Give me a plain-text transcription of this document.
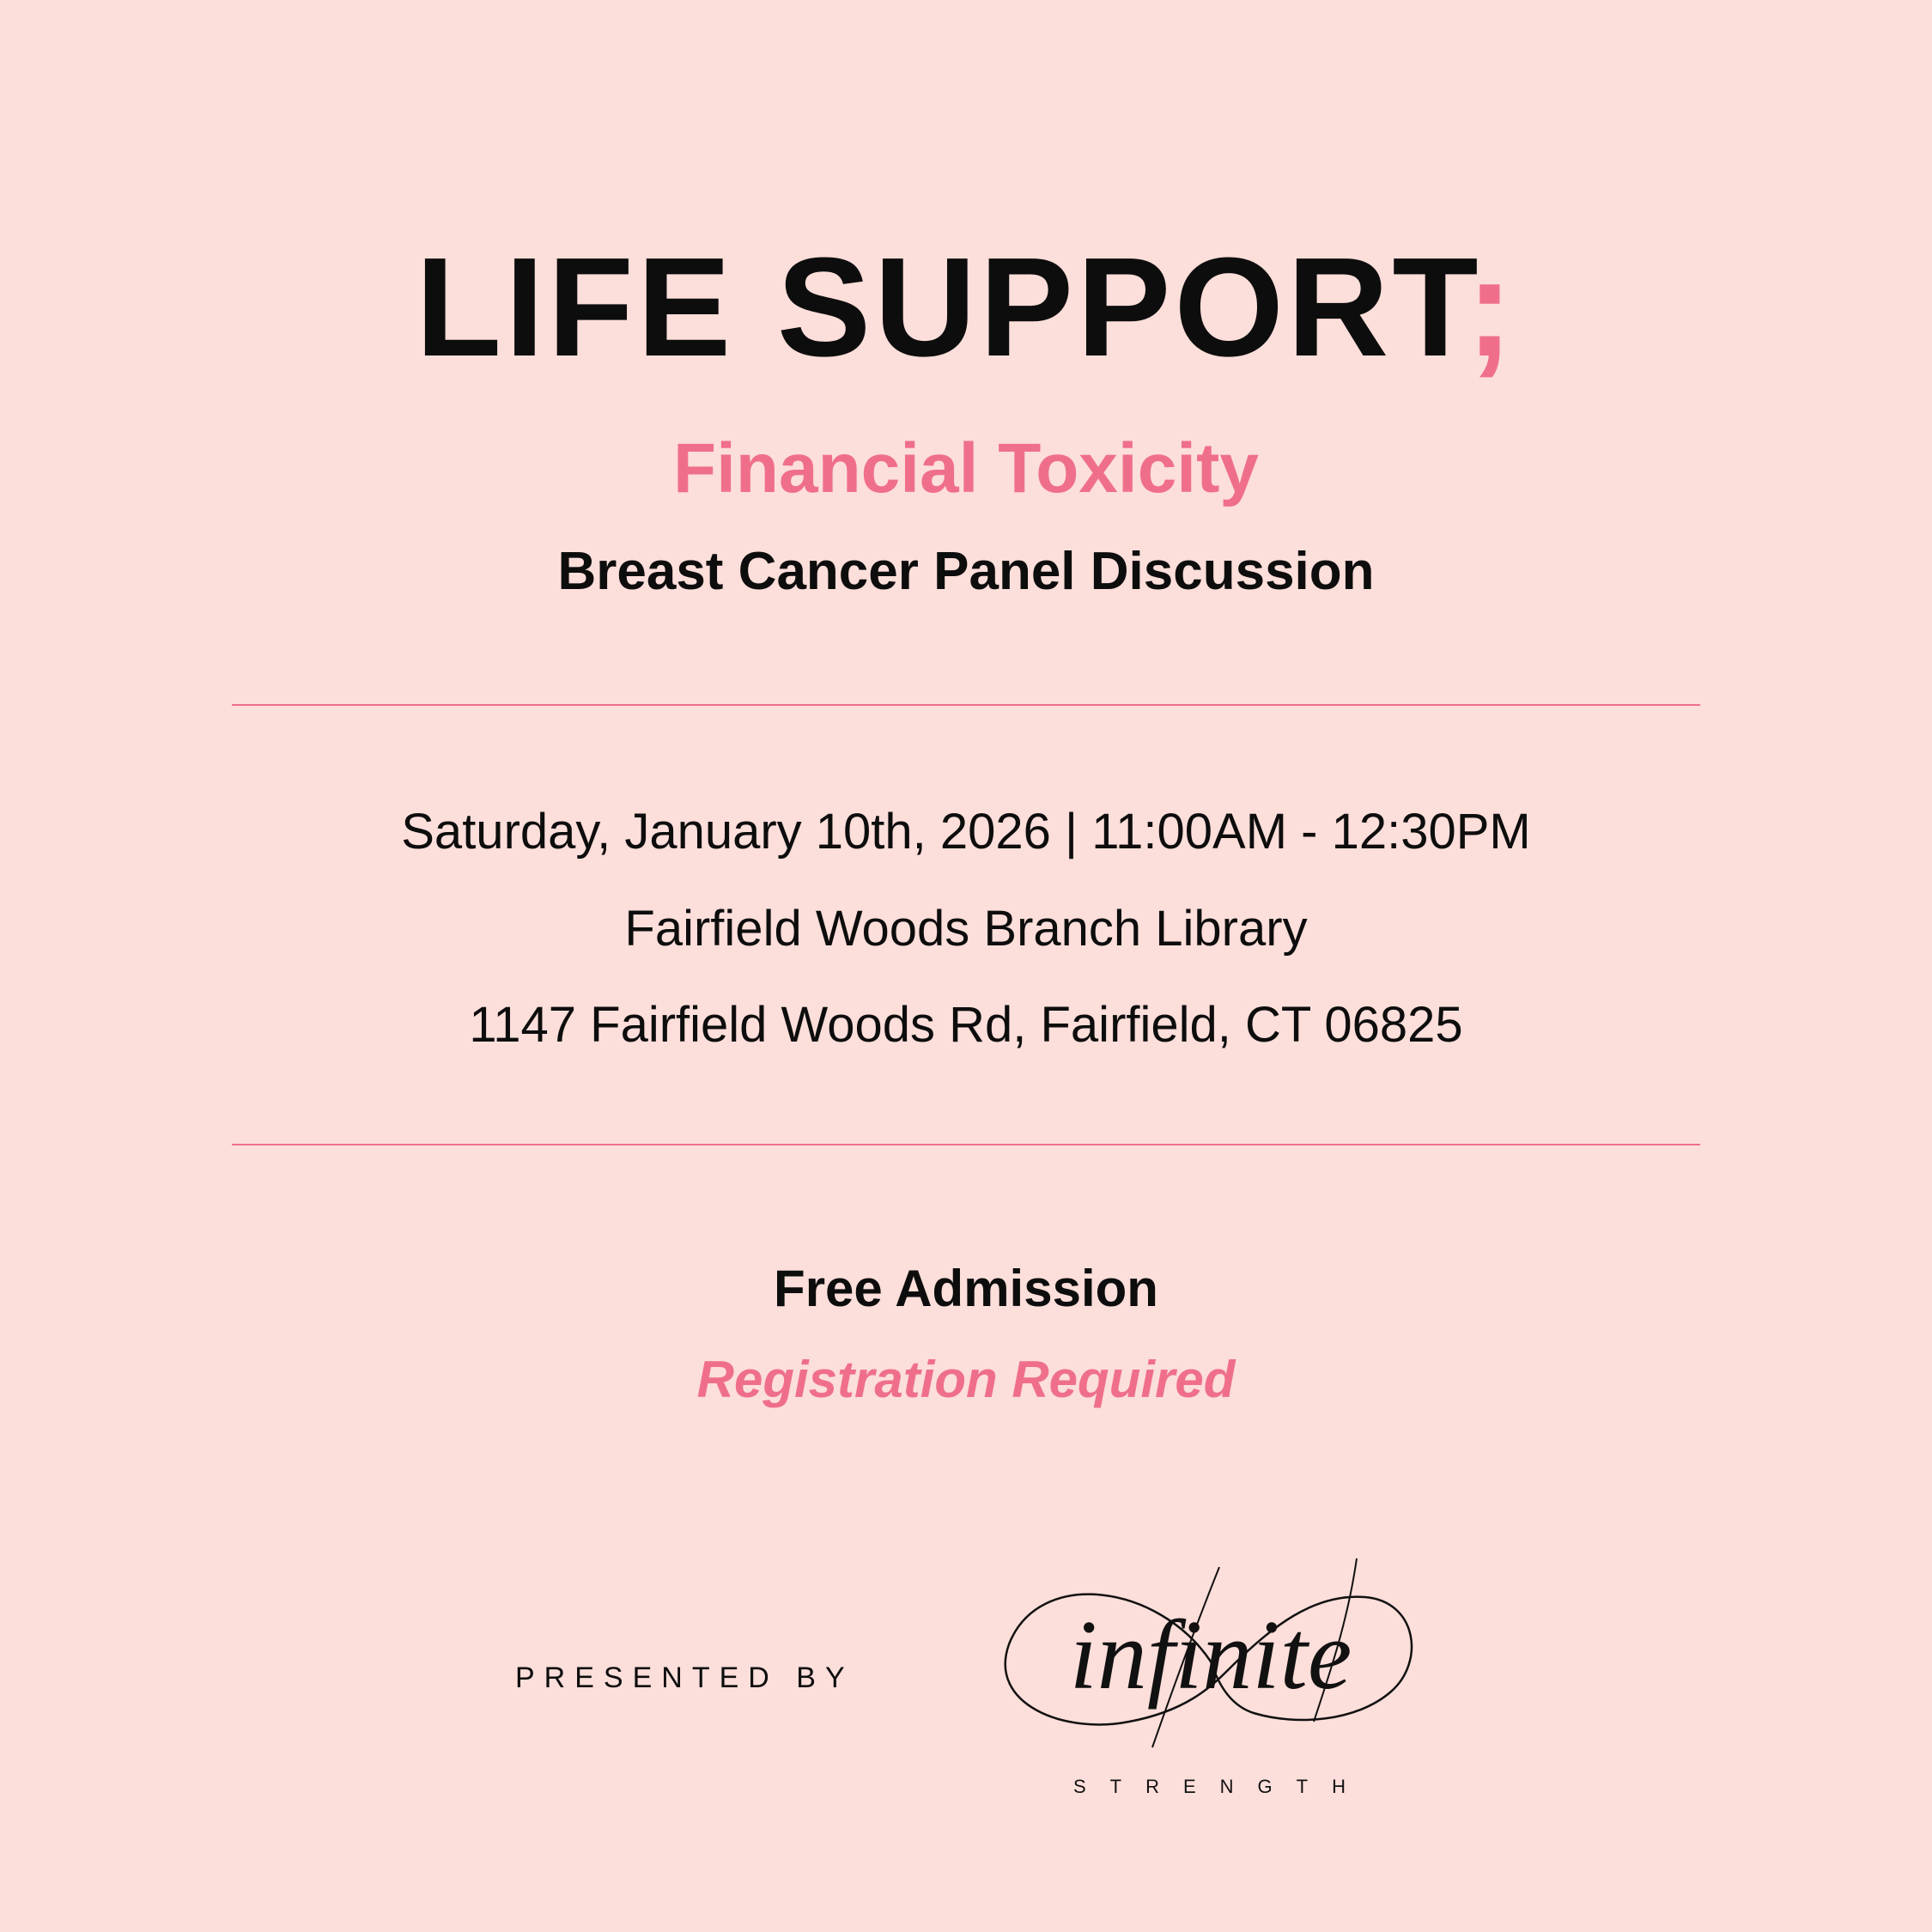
LIFE SUPPORT;
Financial Toxicity
Breast Cancer Panel Discussion
Saturday, January 10th, 2026 | 11:00AM - 12:30PM
Fairfield Woods Branch Library
1147 Fairfield Woods Rd, Fairfield, CT 06825
Free Admission
Registration Required
PRESENTED BY	infinite
STRENGTH
